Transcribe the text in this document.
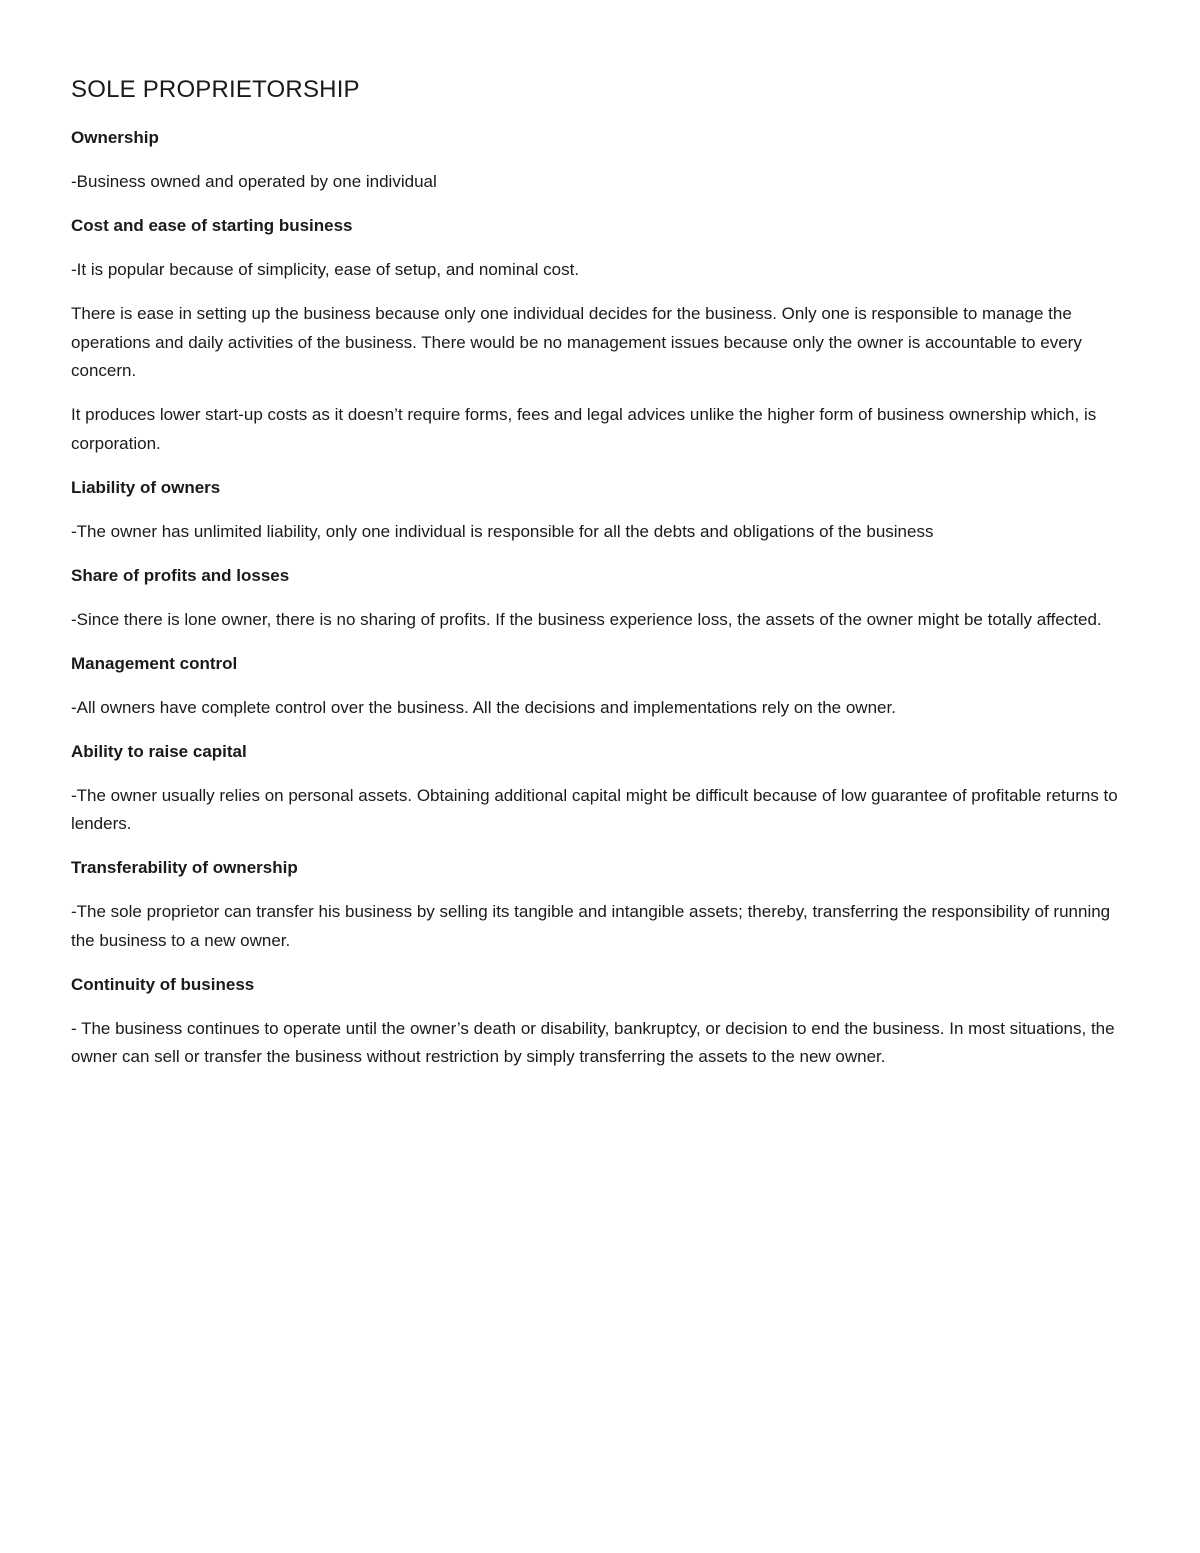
SOLE PROPRIETORSHIP
Ownership

-Business owned and operated by one individual

Cost and ease of starting business

-It is popular because of simplicity, ease of setup, and nominal cost.

There is ease in setting up the business because only one individual decides for the business. Only one is responsible to manage the operations and daily activities of the business. There would be no management issues because only the owner is accountable to every concern.

It produces lower start-up costs as it doesn’t require forms, fees and legal advices unlike the higher form of business ownership which, is corporation.

Liability of owners

-The owner has unlimited liability, only one individual is responsible for all the debts and obligations of the business

Share of profits and losses

-Since there is lone owner, there is no sharing of profits. If the business experience loss, the assets of the owner might be totally affected.

Management control

-All owners have complete control over the business. All the decisions and implementations rely on the owner.

Ability to raise capital

-The owner usually relies on personal assets. Obtaining additional capital might be difficult because of low guarantee of profitable returns to lenders.

Transferability of ownership

-The sole proprietor can transfer his business by selling its tangible and intangible assets; thereby, transferring the responsibility of running the business to a new owner.

Continuity of business

- The business continues to operate until the owner’s death or disability, bankruptcy, or decision to end the business. In most situations, the owner can sell or transfer the business without restriction by simply transferring the assets to the new owner.
